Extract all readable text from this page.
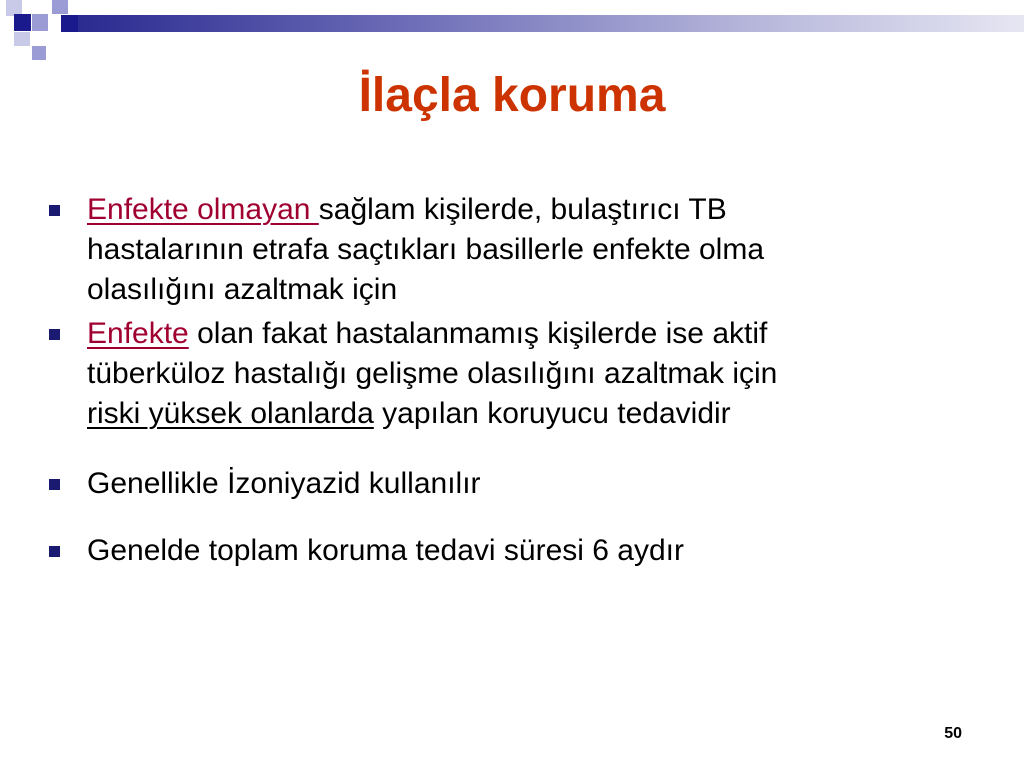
İlaçla koruma
Enfekte olmayan sağlam kişilerde, bulaştırıcı TB
hastalarının etrafa saçtıkları basillerle enfekte olma
olasılığını azaltmak için
Enfekte olan fakat hastalanmamış kişilerde ise aktif
tüberküloz hastalığı gelişme olasılığını azaltmak için
riski yüksek olanlarda yapılan koruyucu tedavidir
Genellikle İzoniyazid kullanılır
Genelde toplam koruma tedavi süresi 6 aydır
50
